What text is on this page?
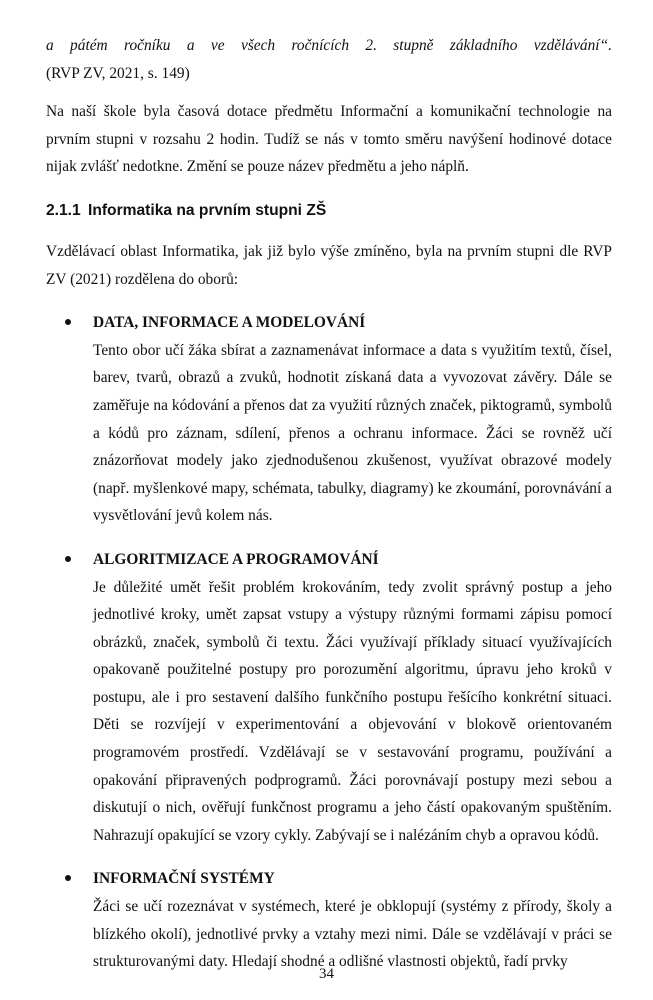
a pátém ročníku a ve všech ročnících 2. stupně základního vzdělávání“.

(RVP ZV, 2021, s. 149)

Na naší škole byla časová dotace předmětu Informační a komunikační technologie na prvním stupni v rozsahu 2 hodin. Tudíž se nás v tomto směru navýšení hodinové dotace nijak zvlášť nedotkne. Změní se pouze název předmětu a jeho náplň.

2.1.1 Informatika na prvním stupni ZŠ

Vzdělávací oblast Informatika, jak již bylo výše zmíněno, byla na prvním stupni dle RVP ZV (2021) rozdělena do oborů:

DATA, INFORMACE A MODELOVÁNÍ

Tento obor učí žáka sbírat a zaznamenávat informace a data s využitím textů, čísel, barev, tvarů, obrazů a zvuků, hodnotit získaná data a vyvozovat závěry. Dále se zaměřuje na kódování a přenos dat za využití různých značek, piktogramů, symbolů a kódů pro záznam, sdílení, přenos a ochranu informace. Žáci se rovněž učí znázorňovat modely jako zjednodušenou zkušenost, využívat obrazové modely (např. myšlenkové mapy, schémata, tabulky, diagramy) ke zkoumání, porovnávání a vysvětlování jevů kolem nás.

ALGORITMIZACE A PROGRAMOVÁNÍ

Je důležité umět řešit problém krokováním, tedy zvolit správný postup a jeho jednotlivé kroky, umět zapsat vstupy a výstupy různými formami zápisu pomocí obrázků, značek, symbolů či textu. Žáci využívají příklady situací využívajících opakovaně použitelné postupy pro porozumění algoritmu, úpravu jeho kroků v postupu, ale i pro sestavení dalšího funkčního postupu řešícího konkrétní situaci. Děti se rozvíjejí v experimentování a objevování v blokově orientovaném programovém prostředí. Vzdělávají se v sestavování programu, používání a opakování připravených podprogramů. Žáci porovnávají postupy mezi sebou a diskutují o nich, ověřují funkčnost programu a jeho částí opakovaným spuštěním. Nahrazují opakující se vzory cykly. Zabývají se i nalézáním chyb a opravou kódů.

INFORMAČNÍ SYSTÉMY

Žáci se učí rozeznávat v systémech, které je obklopují (systémy z přírody, školy a blízkého okolí), jednotlivé prvky a vztahy mezi nimi. Dále se vzdělávají v práci se strukturovanými daty. Hledají shodné a odlišné vlastnosti objektů, řadí prvky

34
